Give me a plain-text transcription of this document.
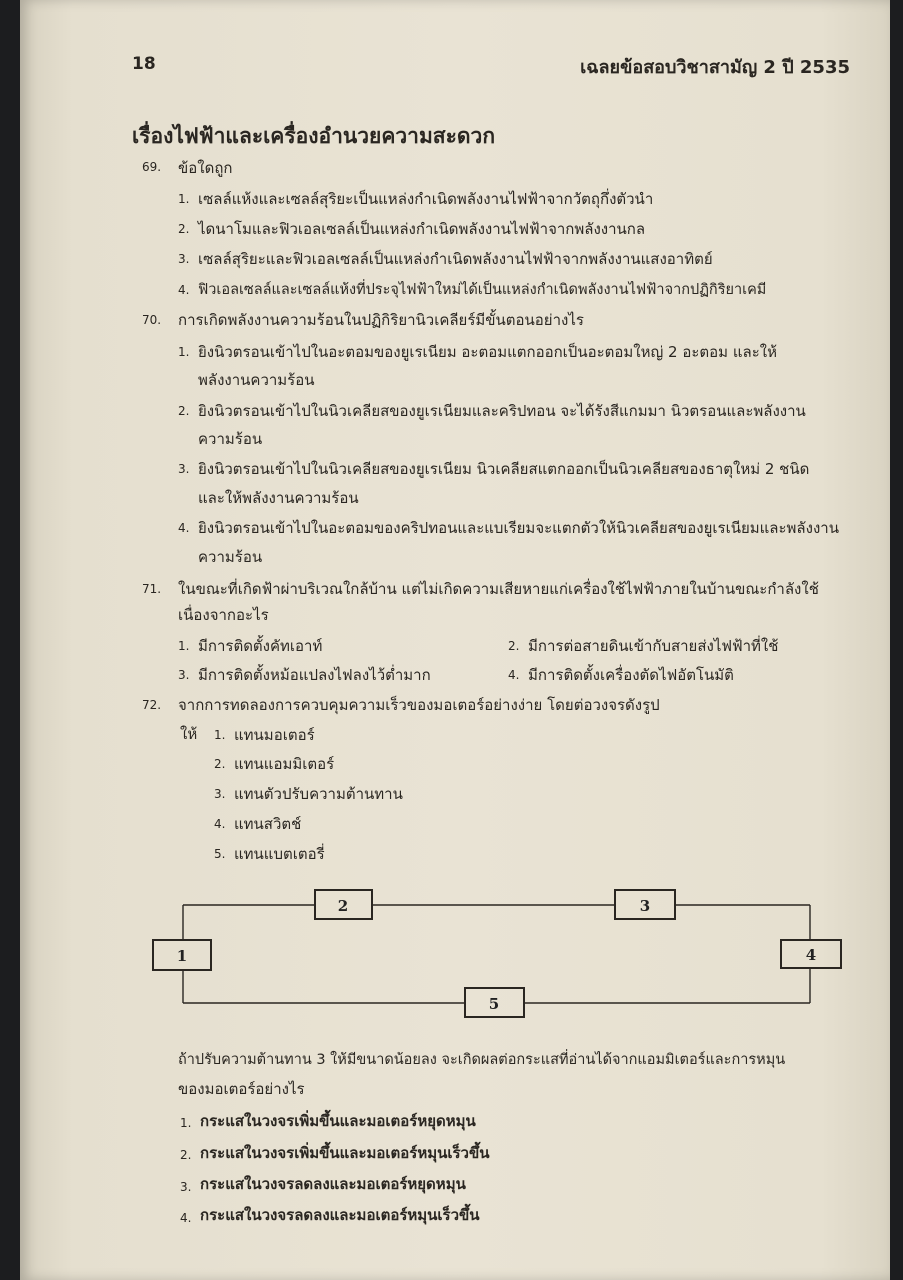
18	เฉลยข้อสอบวิชาสามัญ 2 ปี 2535
เรื่องไฟฟ้าและเครื่องอำนวยความสะดวก
69. ข้อใดถูก
1. เซลล์แห้งและเซลล์สุริยะเป็นแหล่งกำเนิดพลังงานไฟฟ้าจากวัตถุกึ่งตัวนำ
2. ไดนาโมและฟิวเอลเซลล์เป็นแหล่งกำเนิดพลังงานไฟฟ้าจากพลังงานกล
3. เซลล์สุริยะและฟิวเอลเซลล์เป็นแหล่งกำเนิดพลังงานไฟฟ้าจากพลังงานแสงอาทิตย์
4. ฟิวเอลเซลล์และเซลล์แห้งที่ประจุไฟฟ้าใหม่ได้เป็นแหล่งกำเนิดพลังงานไฟฟ้าจากปฏิกิริยาเคมี
70. การเกิดพลังงานความร้อนในปฏิกิริยานิวเคลียร์มีขั้นตอนอย่างไร
1. ยิงนิวตรอนเข้าไปในอะตอมของยูเรเนียม อะตอมแตกออกเป็นอะตอมใหญ่ 2 อะตอม และให้
พลังงานความร้อน
2. ยิงนิวตรอนเข้าไปในนิวเคลียสของยูเรเนียมและคริปทอน จะได้รังสีแกมมา นิวตรอนและพลังงาน
ความร้อน
3. ยิงนิวตรอนเข้าไปในนิวเคลียสของยูเรเนียม นิวเคลียสแตกออกเป็นนิวเคลียสของธาตุใหม่ 2 ชนิด
และให้พลังงานความร้อน
4. ยิงนิวตรอนเข้าไปในอะตอมของคริปทอนและแบเรียมจะแตกตัวให้นิวเคลียสของยูเรเนียมและพลังงาน
ความร้อน
71. ในขณะที่เกิดฟ้าผ่าบริเวณใกล้บ้าน แต่ไม่เกิดความเสียหายแก่เครื่องใช้ไฟฟ้าภายในบ้านขณะกำลังใช้
เนื่องจากอะไร
1. มีการติดตั้งคัทเอาท์	2. มีการต่อสายดินเข้ากับสายส่งไฟฟ้าที่ใช้
3. มีการติดตั้งหม้อแปลงไฟลงไว้ต่ำมาก	4. มีการติดตั้งเครื่องตัดไฟอัตโนมัติ
72. จากการทดลองการควบคุมความเร็วของมอเตอร์อย่างง่าย โดยต่อวงจรดังรูป
ให้ 1. แทนมอเตอร์
2. แทนแอมมิเตอร์
3. แทนตัวปรับความต้านทาน
4. แทนสวิตช์
5. แทนแบตเตอรี่
1
2	3
4
5
ถ้าปรับความต้านทาน 3 ให้มีขนาดน้อยลง จะเกิดผลต่อกระแสที่อ่านได้จากแอมมิเตอร์และการหมุน
ของมอเตอร์อย่างไร
1. กระแสในวงจรเพิ่มขึ้นและมอเตอร์หยุดหมุน
2. กระแสในวงจรเพิ่มขึ้นและมอเตอร์หมุนเร็วขึ้น
3. กระแสในวงจรลดลงและมอเตอร์หยุดหมุน
4. กระแสในวงจรลดลงและมอเตอร์หมุนเร็วขึ้น
